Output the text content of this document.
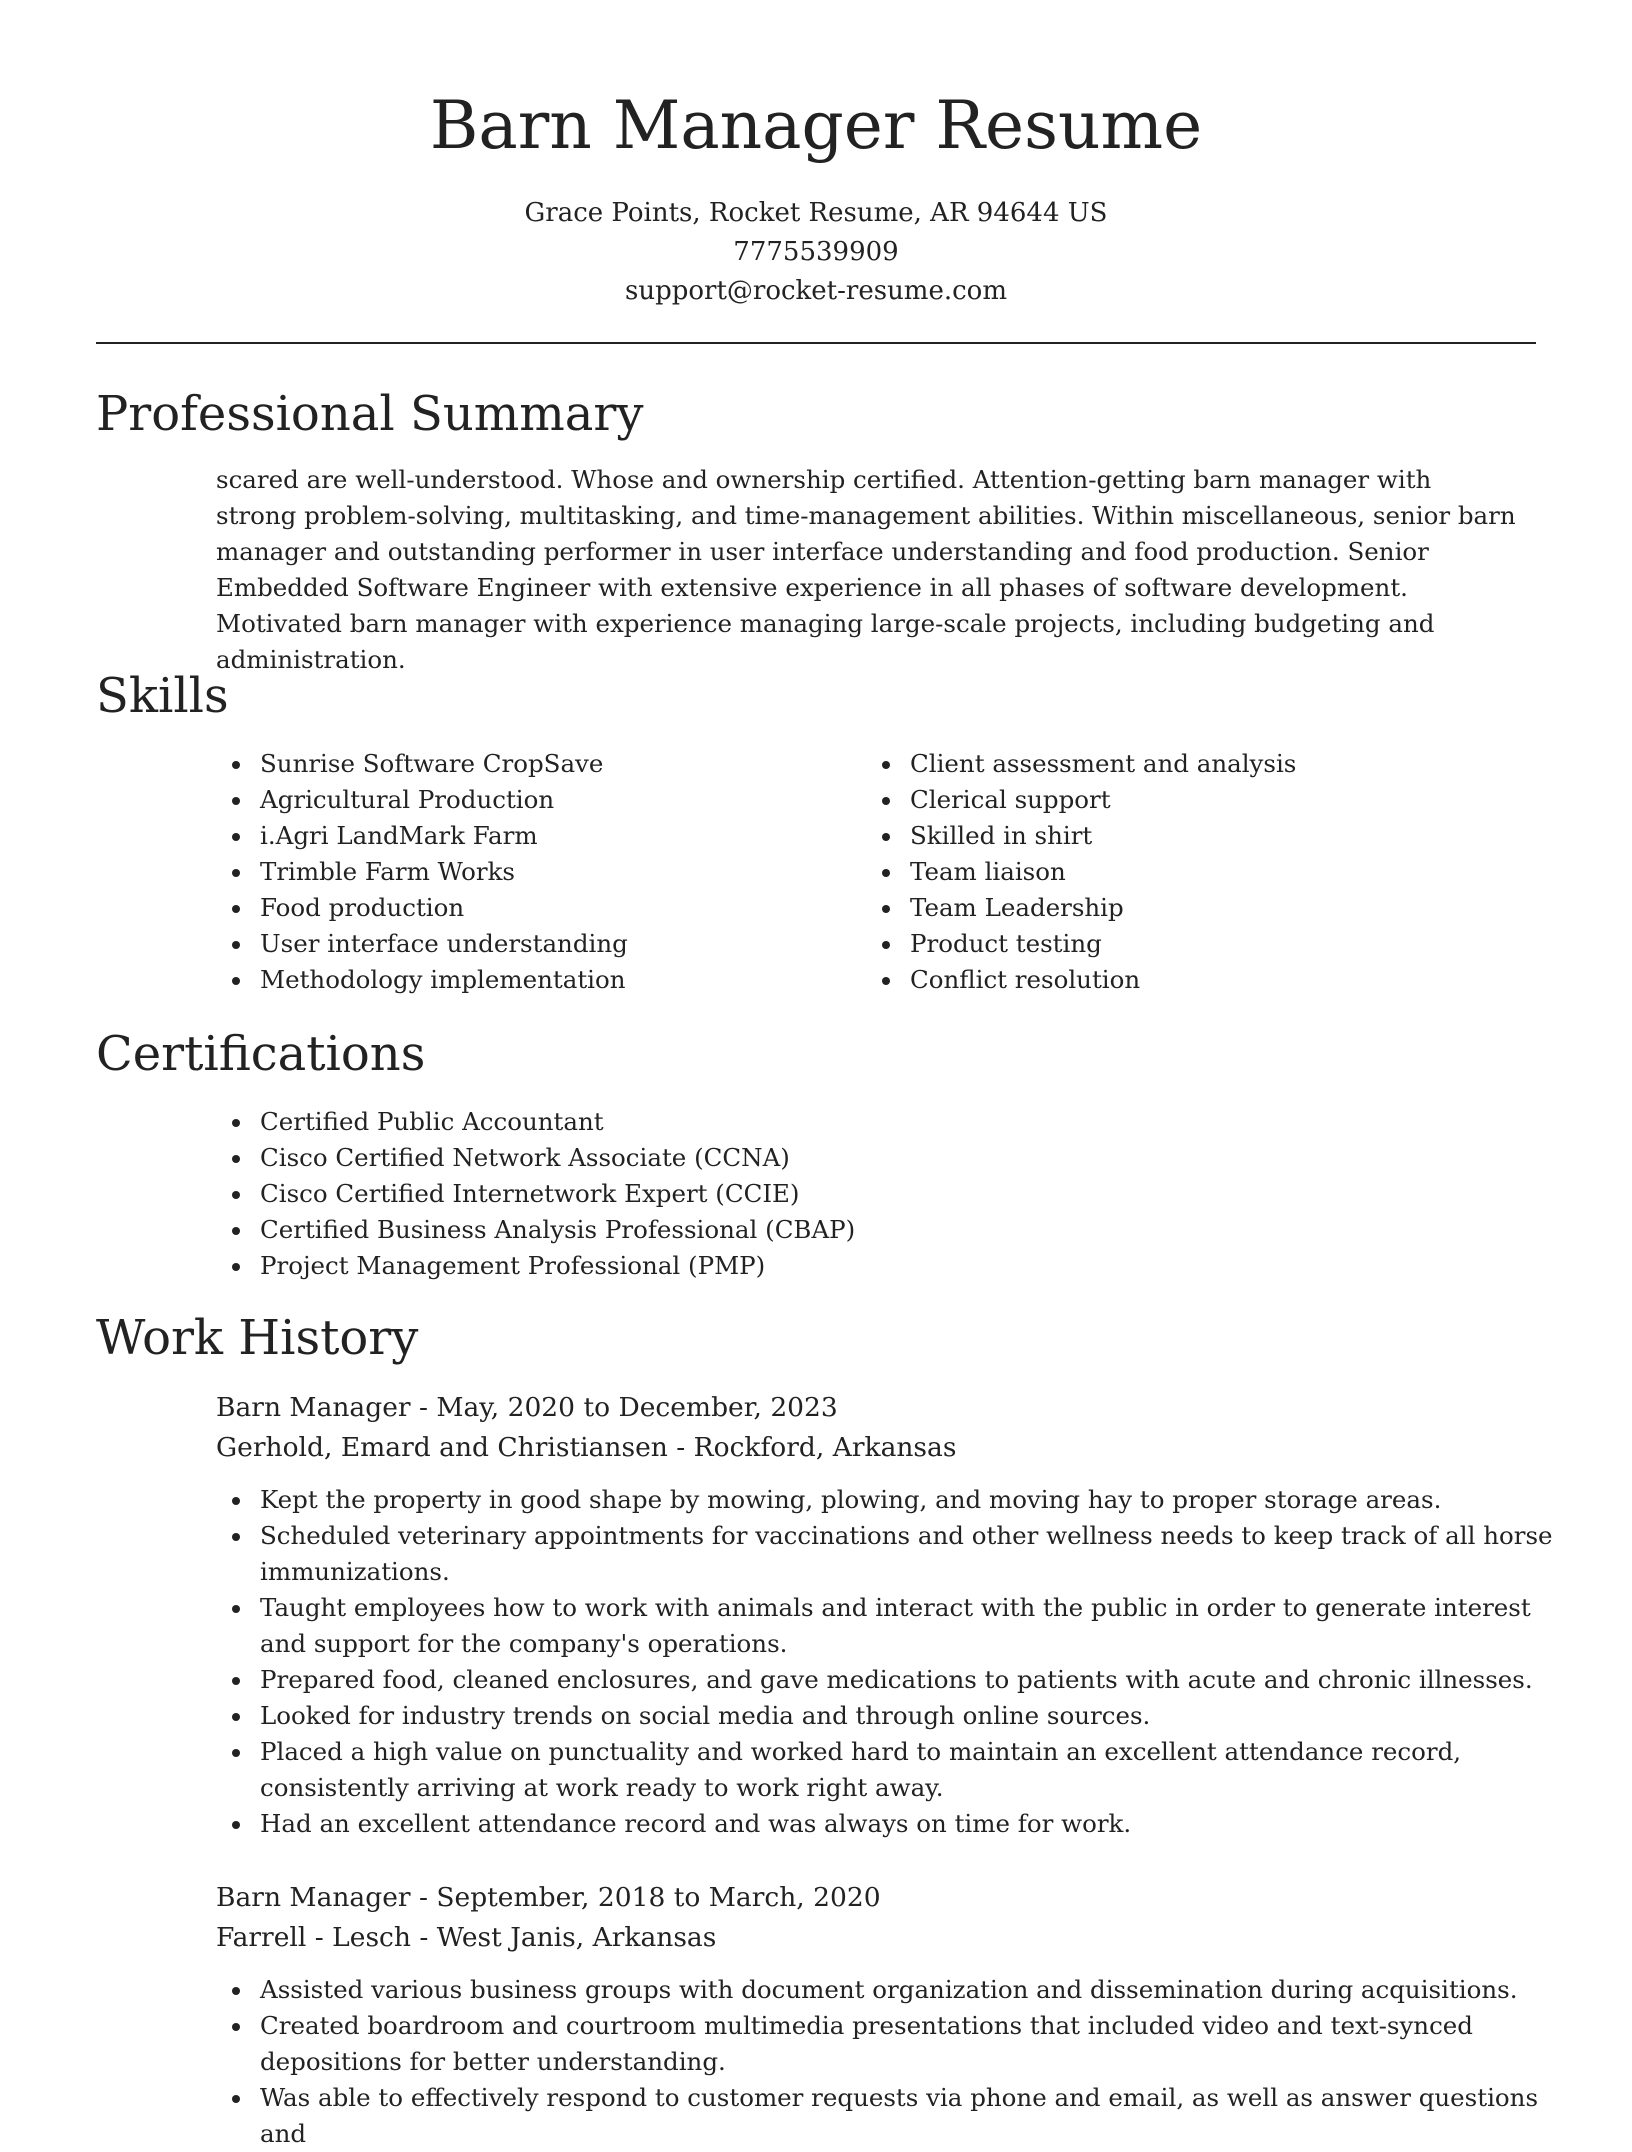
Barn Manager Resume
Grace Points, Rocket Resume, AR 94644 US
7775539909
support@rocket-resume.com
Professional Summary

scared are well-understood. Whose and ownership certified. Attention-getting barn manager with strong problem-solving, multitasking, and time-management abilities. Within miscellaneous, senior barn manager and outstanding performer in user interface understanding and food production. Senior Embedded Software Engineer with extensive experience in all phases of software development. Motivated barn manager with experience managing large-scale projects, including budgeting and administration.

Skills
Sunrise Software CropSave
Agricultural Production
i.Agri LandMark Farm
Trimble Farm Works
Food production
User interface understanding
Methodology implementation
Client assessment and analysis
Clerical support
Skilled in shirt
Team liaison
Team Leadership
Product testing
Conflict resolution
Certifications
Certified Public Accountant
Cisco Certified Network Associate (CCNA)
Cisco Certified Internetwork Expert (CCIE)
Certified Business Analysis Professional (CBAP)
Project Management Professional (PMP)
Work History
Barn Manager - May, 2020 to December, 2023
Gerhold, Emard and Christiansen - Rockford, Arkansas
Kept the property in good shape by mowing, plowing, and moving hay to proper storage areas.
Scheduled veterinary appointments for vaccinations and other wellness needs to keep track of all horse immunizations.
Taught employees how to work with animals and interact with the public in order to generate interest and support for the company's operations.
Prepared food, cleaned enclosures, and gave medications to patients with acute and chronic illnesses.
Looked for industry trends on social media and through online sources.
Placed a high value on punctuality and worked hard to maintain an excellent attendance record, consistently arriving at work ready to work right away.
Had an excellent attendance record and was always on time for work.
Barn Manager - September, 2018 to March, 2020
Farrell - Lesch - West Janis, Arkansas
Assisted various business groups with document organization and dissemination during acquisitions.
Created boardroom and courtroom multimedia presentations that included video and text-synced depositions for better understanding.
Was able to effectively respond to customer requests via phone and email, as well as answer questions and
